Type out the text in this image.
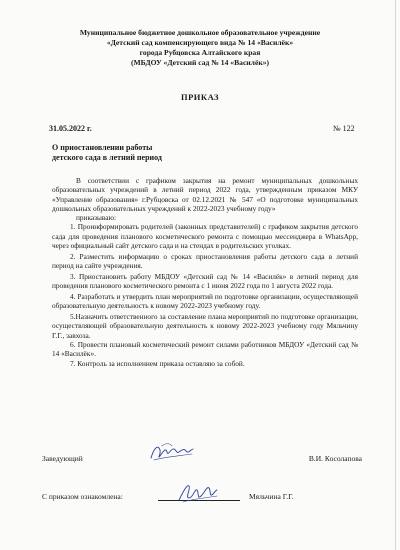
Муниципальное бюджетное дошкольное образовательное учреждение
«Детский сад компенсирующего вида № 14 «Василёк»
города Рубцовска Алтайского края
(МБДОУ «Детский сад № 14 «Василёк»)
ПРИКАЗ
31.05.2022 г.	№ 122
О приостановлении работы
детского сада в летний период

В соответствии с графиком закрытия на ремонт муниципальных дошкольных образовательных учреждений в летний период 2022 года, утвержденным приказом МКУ «Управление образования» г.Рубцовска от 02.12.2021 № 547 «О подготовке муниципальных дошкольных образовательных учреждений к 2022-2023 учебному году»

приказываю:

1. Проинформировать родителей (законных представителей) с графиком закрытия детского сада для проведения планового косметического ремонта с помощью мессенджера в WhatsApp, через официальный сайт детского сада и на стендах в родительских уголках.

2. Разместить информацию о сроках приостановления работы детского сада в летний период на сайте учреждения.

3. Приостановить работу МБДОУ «Детский сад № 14 «Василёк» в летний период для проведения планового косметического ремонта с 1 июня 2022 года по 1 августа 2022 года.

4. Разработать и утвердить план мероприятий по подготовке организации, осуществляющей образовательную деятельность к новому 2022-2023 учебному году.

5.Назначить ответственного за составление плана мероприятий по подготовке организации, осуществляющей образовательную деятельность к новому 2022-2023 учебному году Мяльчину Г.Г., завхоза.

6. Провести плановый косметический ремонт силами работников МБДОУ «Детский сад № 14 «Василёк».

7. Контроль за исполнением приказа оставляю за собой.

Заведующий	В.И. Косолапова
С приказом ознакомлена:	Мяльчина Г.Г.
